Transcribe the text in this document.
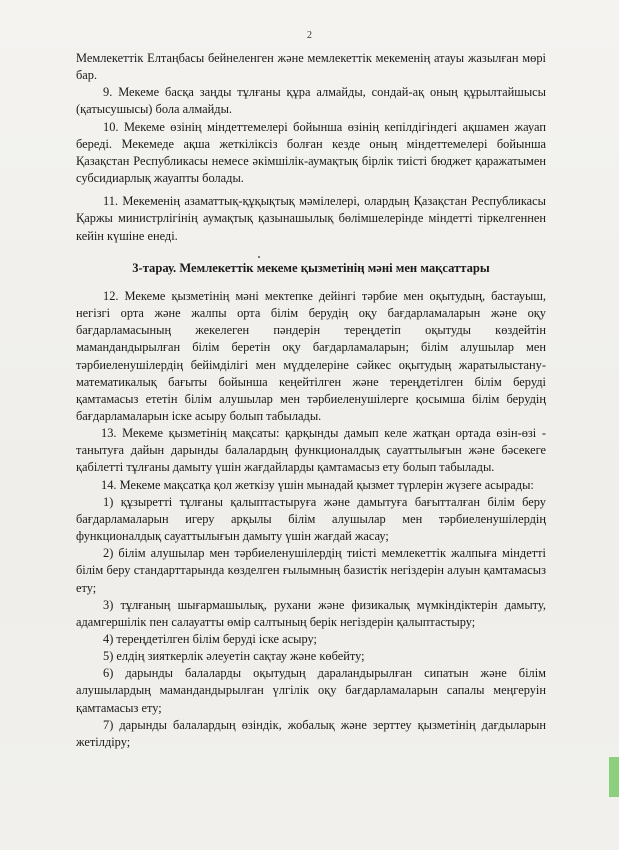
2

Мемлекеттік Елтаңбасы бейнеленген және мемлекеттік мекеменің атауы жазылған мөрі бар.

9. Мекеме басқа заңды тұлғаны құра алмайды, сондай-ақ оның құрылтайшысы (қатысушысы) бола алмайды.

10. Мекеме өзінің міндеттемелері бойынша өзінің кепілдігіндегі ақшамен жауап береді. Мекемеде ақша жеткіліксіз болған кезде оның міндеттемелері бойынша Қазақстан Республикасы немесе әкімшілік-аумақтық бірлік тиісті бюджет қаражатымен субсидиарлық жауапты болады.

11. Мекеменің азаматтық-құқықтық мәмілелері, олардың Қазақстан Республикасы Қаржы министрлігінің аумақтық қазынашылық бөлімшелерінде міндетті тіркелгеннен кейін күшіне енеді.

3-тарау. Мемлекеттік мекеме қызметінің мәні мен мақсаттары

12. Мекеме қызметінің мәні мектепке дейінгі тәрбие мен оқытудың, бастауыш, негізгі орта және жалпы орта білім берудің оқу бағдарламаларын және оқу бағдарламасының жекелеген пәндерін тереңдетіп оқытуды көздейтін мамандандырылған білім беретін оқу бағдарламаларын; білім алушылар мен тәрбиеленушілердің бейімділігі мен мүдделеріне сәйкес оқытудың жаратылыстану-математикалық бағыты бойынша кеңейтілген және тереңдетілген білім беруді қамтамасыз ететін білім алушылар мен тәрбиеленушілерге қосымша білім берудің бағдарламаларын іске асыру болып табылады.

13. Мекеме қызметінің мақсаты: қарқынды дамып келе жатқан ортада өзін-өзі - танытуға дайын дарынды балалардың функционалдық сауаттылығын және бәсекеге қабілетті тұлғаны дамыту үшін жағдайларды қамтамасыз ету болып табылады.

14. Мекеме мақсатқа қол жеткізу үшін мынадай қызмет түрлерін жүзеге асырады:

1) құзыретті тұлғаны қалыптастыруға және дамытуға бағытталған білім беру бағдарламаларын игеру арқылы білім алушылар мен тәрбиеленушілердің функционалдық сауаттылығын дамыту үшін жағдай жасау;

2) білім алушылар мен тәрбиеленушілердің тиісті мемлекеттік жалпыға міндетті білім беру стандарттарында көзделген ғылымның базистік негіздерін алуын қамтамасыз ету;

3) тұлғаның шығармашылық, рухани және физикалық мүмкіндіктерін дамыту, адамгершілік пен салауатты өмір салтының берік негіздерін қалыптастыру;

4) тереңдетілген білім беруді іске асыру;

5) елдің зияткерлік әлеуетін сақтау және көбейту;

6) дарынды балаларды оқытудың дараландырылған сипатын және білім алушылардың мамандандырылған үлгілік оқу бағдарламаларын сапалы меңгеруін қамтамасыз ету;

7) дарынды балалардың өзіндік, жобалық және зерттеу қызметінің дағдыларын жетілдіру;
